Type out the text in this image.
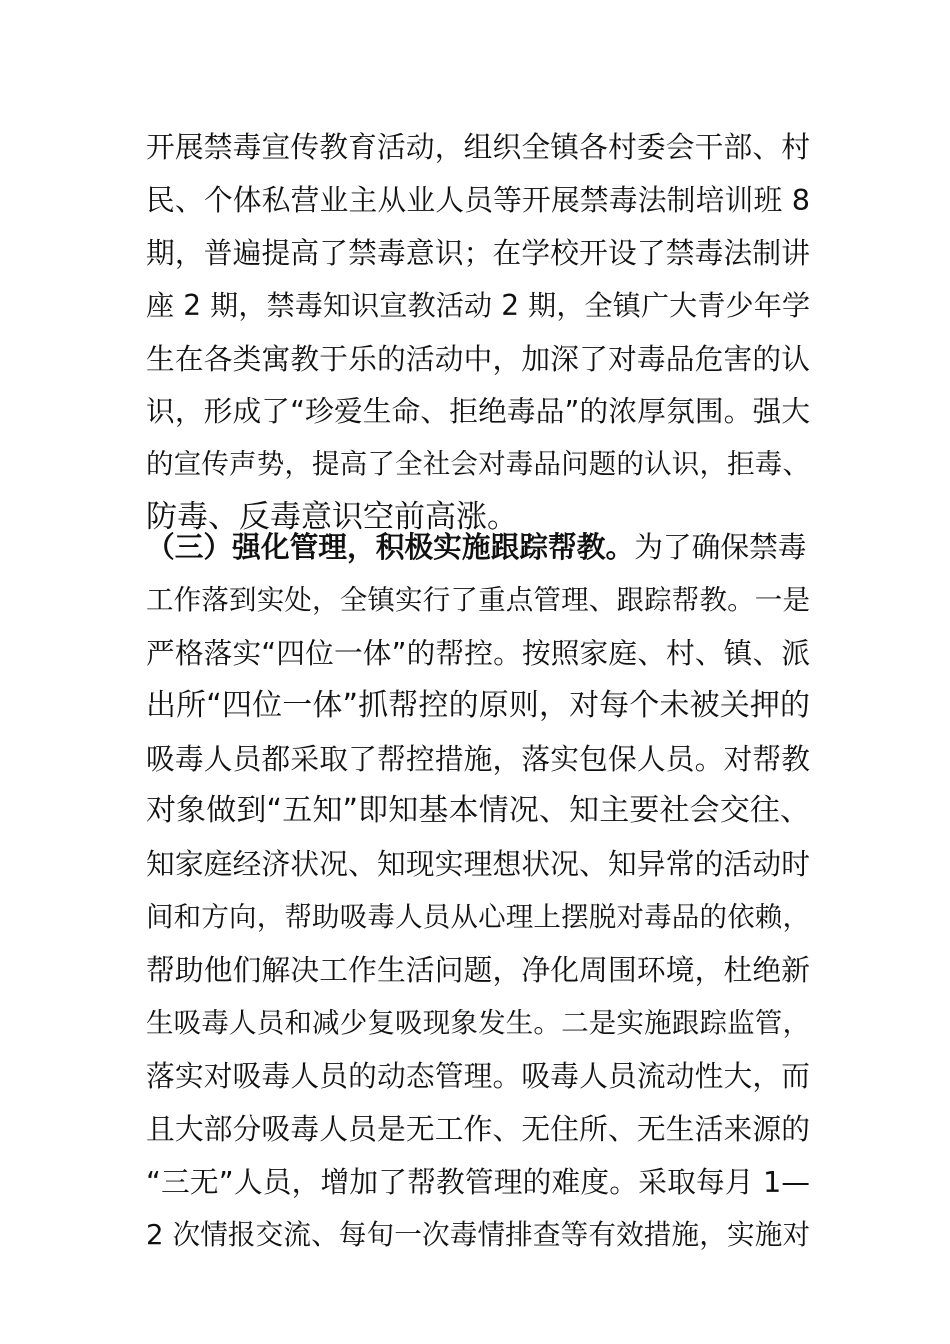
开展禁毒宣传教育活动，组织全镇各村委会干部、村
民、个体私营业主从业人员等开展禁毒法制培训班 8
期，普遍提高了禁毒意识；在学校开设了禁毒法制讲
座 2 期，禁毒知识宣教活动 2 期，全镇广大青少年学
生在各类寓教于乐的活动中，加深了对毒品危害的认
识，形成了“珍爱生命、拒绝毒品”的浓厚氛围。强大
的宣传声势，提高了全社会对毒品问题的认识，拒毒、
防毒、反毒意识空前高涨。
（三）强化管理，积极实施跟踪帮教。为了确保禁毒
工作落到实处，全镇实行了重点管理、跟踪帮教。一是
严格落实“四位一体”的帮控。按照家庭、村、镇、派
出所“四位一体”抓帮控的原则，对每个未被关押的
吸毒人员都采取了帮控措施，落实包保人员。对帮教
对象做到“五知”即知基本情况、知主要社会交往、
知家庭经济状况、知现实理想状况、知异常的活动时
间和方向，帮助吸毒人员从心理上摆脱对毒品的依赖，
帮助他们解决工作生活问题，净化周围环境，杜绝新
生吸毒人员和减少复吸现象发生。二是实施跟踪监管，
落实对吸毒人员的动态管理。吸毒人员流动性大，而
且大部分吸毒人员是无工作、无住所、无生活来源的
“三无”人员，增加了帮教管理的难度。采取每月 1—
2 次情报交流、每旬一次毒情排查等有效措施，实施对
